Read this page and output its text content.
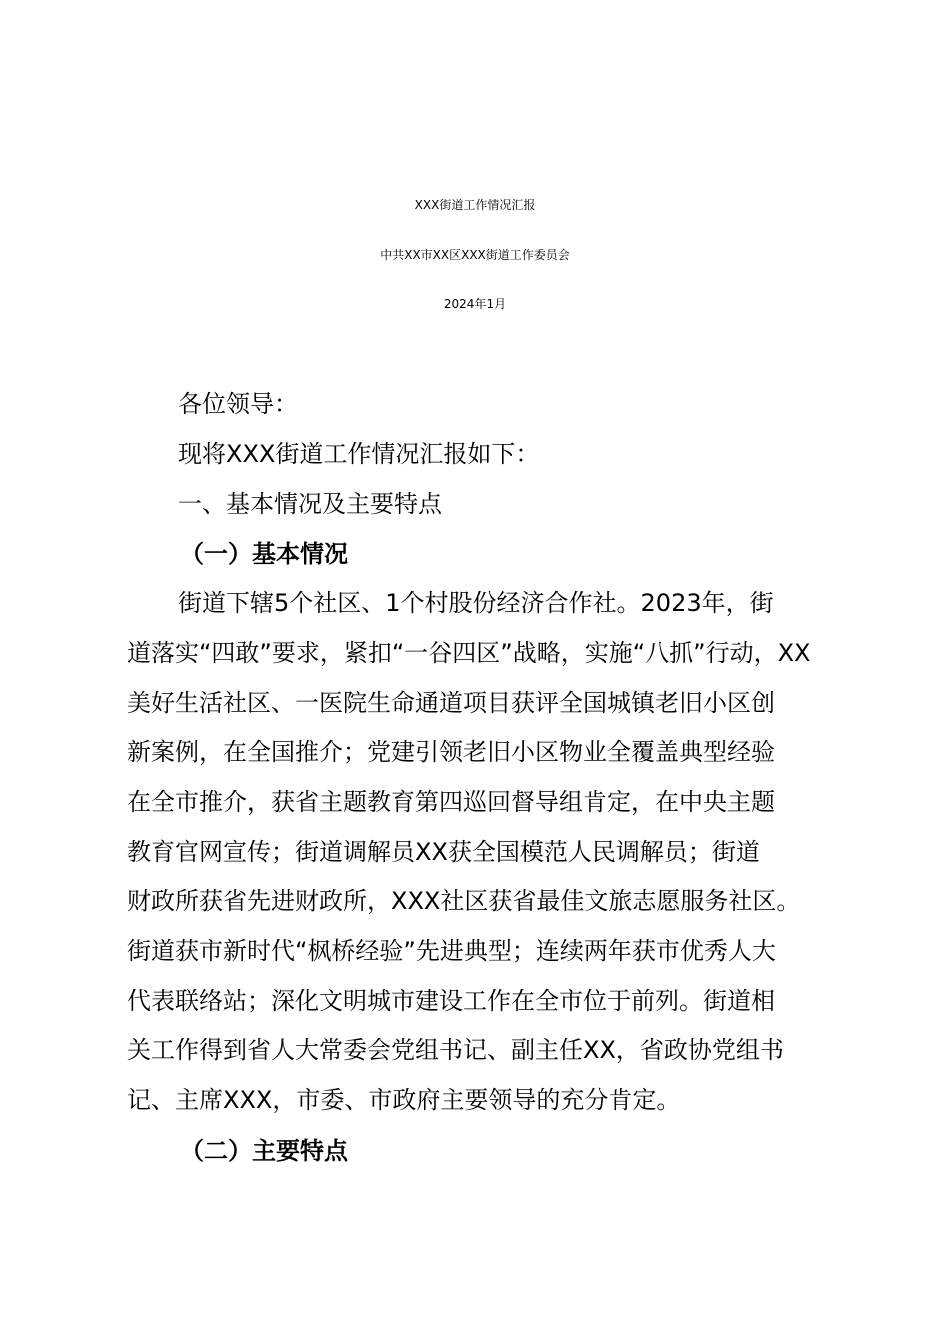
XXX街道工作情况汇报
中共XX市XX区XXX街道工作委员会
2024年1月
各位领导：
现将XXX街道工作情况汇报如下：
一、基本情况及主要特点
（一）基本情况
街道下辖5个社区、1个村股份经济合作社。2023年，街
道落实“四敢”要求，紧扣“一谷四区”战略，实施“八抓”行动，XX
美好生活社区、一医院生命通道项目获评全国城镇老旧小区创
新案例，在全国推介；党建引领老旧小区物业全覆盖典型经验
在全市推介，获省主题教育第四巡回督导组肯定，在中央主题
教育官网宣传；街道调解员XX获全国模范人民调解员；街道
财政所获省先进财政所，XXX社区获省最佳文旅志愿服务社区。
街道获市新时代“枫桥经验”先进典型；连续两年获市优秀人大
代表联络站；深化文明城市建设工作在全市位于前列。街道相
关工作得到省人大常委会党组书记、副主任XX，省政协党组书
记、主席XXX，市委、市政府主要领导的充分肯定。
（二）主要特点
